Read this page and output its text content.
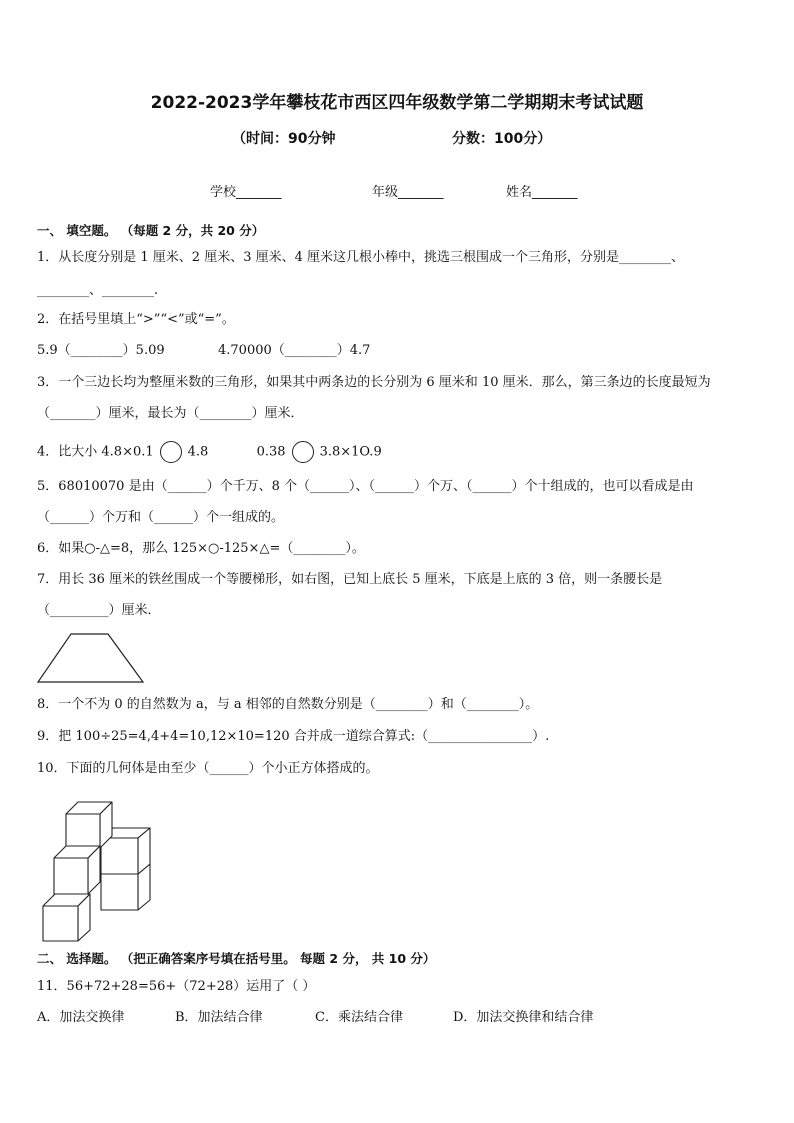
2022-2023学年攀枝花市西区四年级数学第二学期期末考试试题
（时间：90分钟	分数：100分）
学校_______	年级_______	姓名_______
一、 填空题。 （每题 2 分，共 20 分）
1．从长度分别是 1 厘米、2 厘米、3 厘米、4 厘米这几根小棒中，挑选三根围成一个三角形，分别是________、
________、________.
2．在括号里填上“>”“<”或“=”。
5.9（________）5.09	4.70000（________）4.7
3．一个三边长均为整厘米数的三角形，如果其中两条边的长分别为 6 厘米和 10 厘米．那么，第三条边的长度最短为
（_______）厘米，最长为（________）厘米．
4．比大小 4.8×0.1	4.8	0.38	3.8×1O.9
5．68010070 是由（______）个千万、8 个（______）、（______）个万、（______）个十组成的，也可以看成是由
（______）个万和（______）个一组成的。
6．如果○-△=8，那么 125×○-125×△=（________）。
7．用长 36 厘米的铁丝围成一个等腰梯形，如右图，已知上底长 5 厘米，下底是上底的 3 倍，则一条腰长是
（_________）厘米．
8．一个不为 0 的自然数为 a，与 a 相邻的自然数分别是（________）和（________）。
9．把 100÷25=4,4+4=10,12×10=120 合并成一道综合算式:（________________）.
10．下面的几何体是由至少（______）个小正方体搭成的。
二、 选择题。 （把正确答案序号填在括号里。 每题 2 分， 共 10 分）
11．56+72+28=56+（72+28）运用了（ ）
A．加法交换律	B．加法结合律	C．乘法结合律	D．加法交换律和结合律
